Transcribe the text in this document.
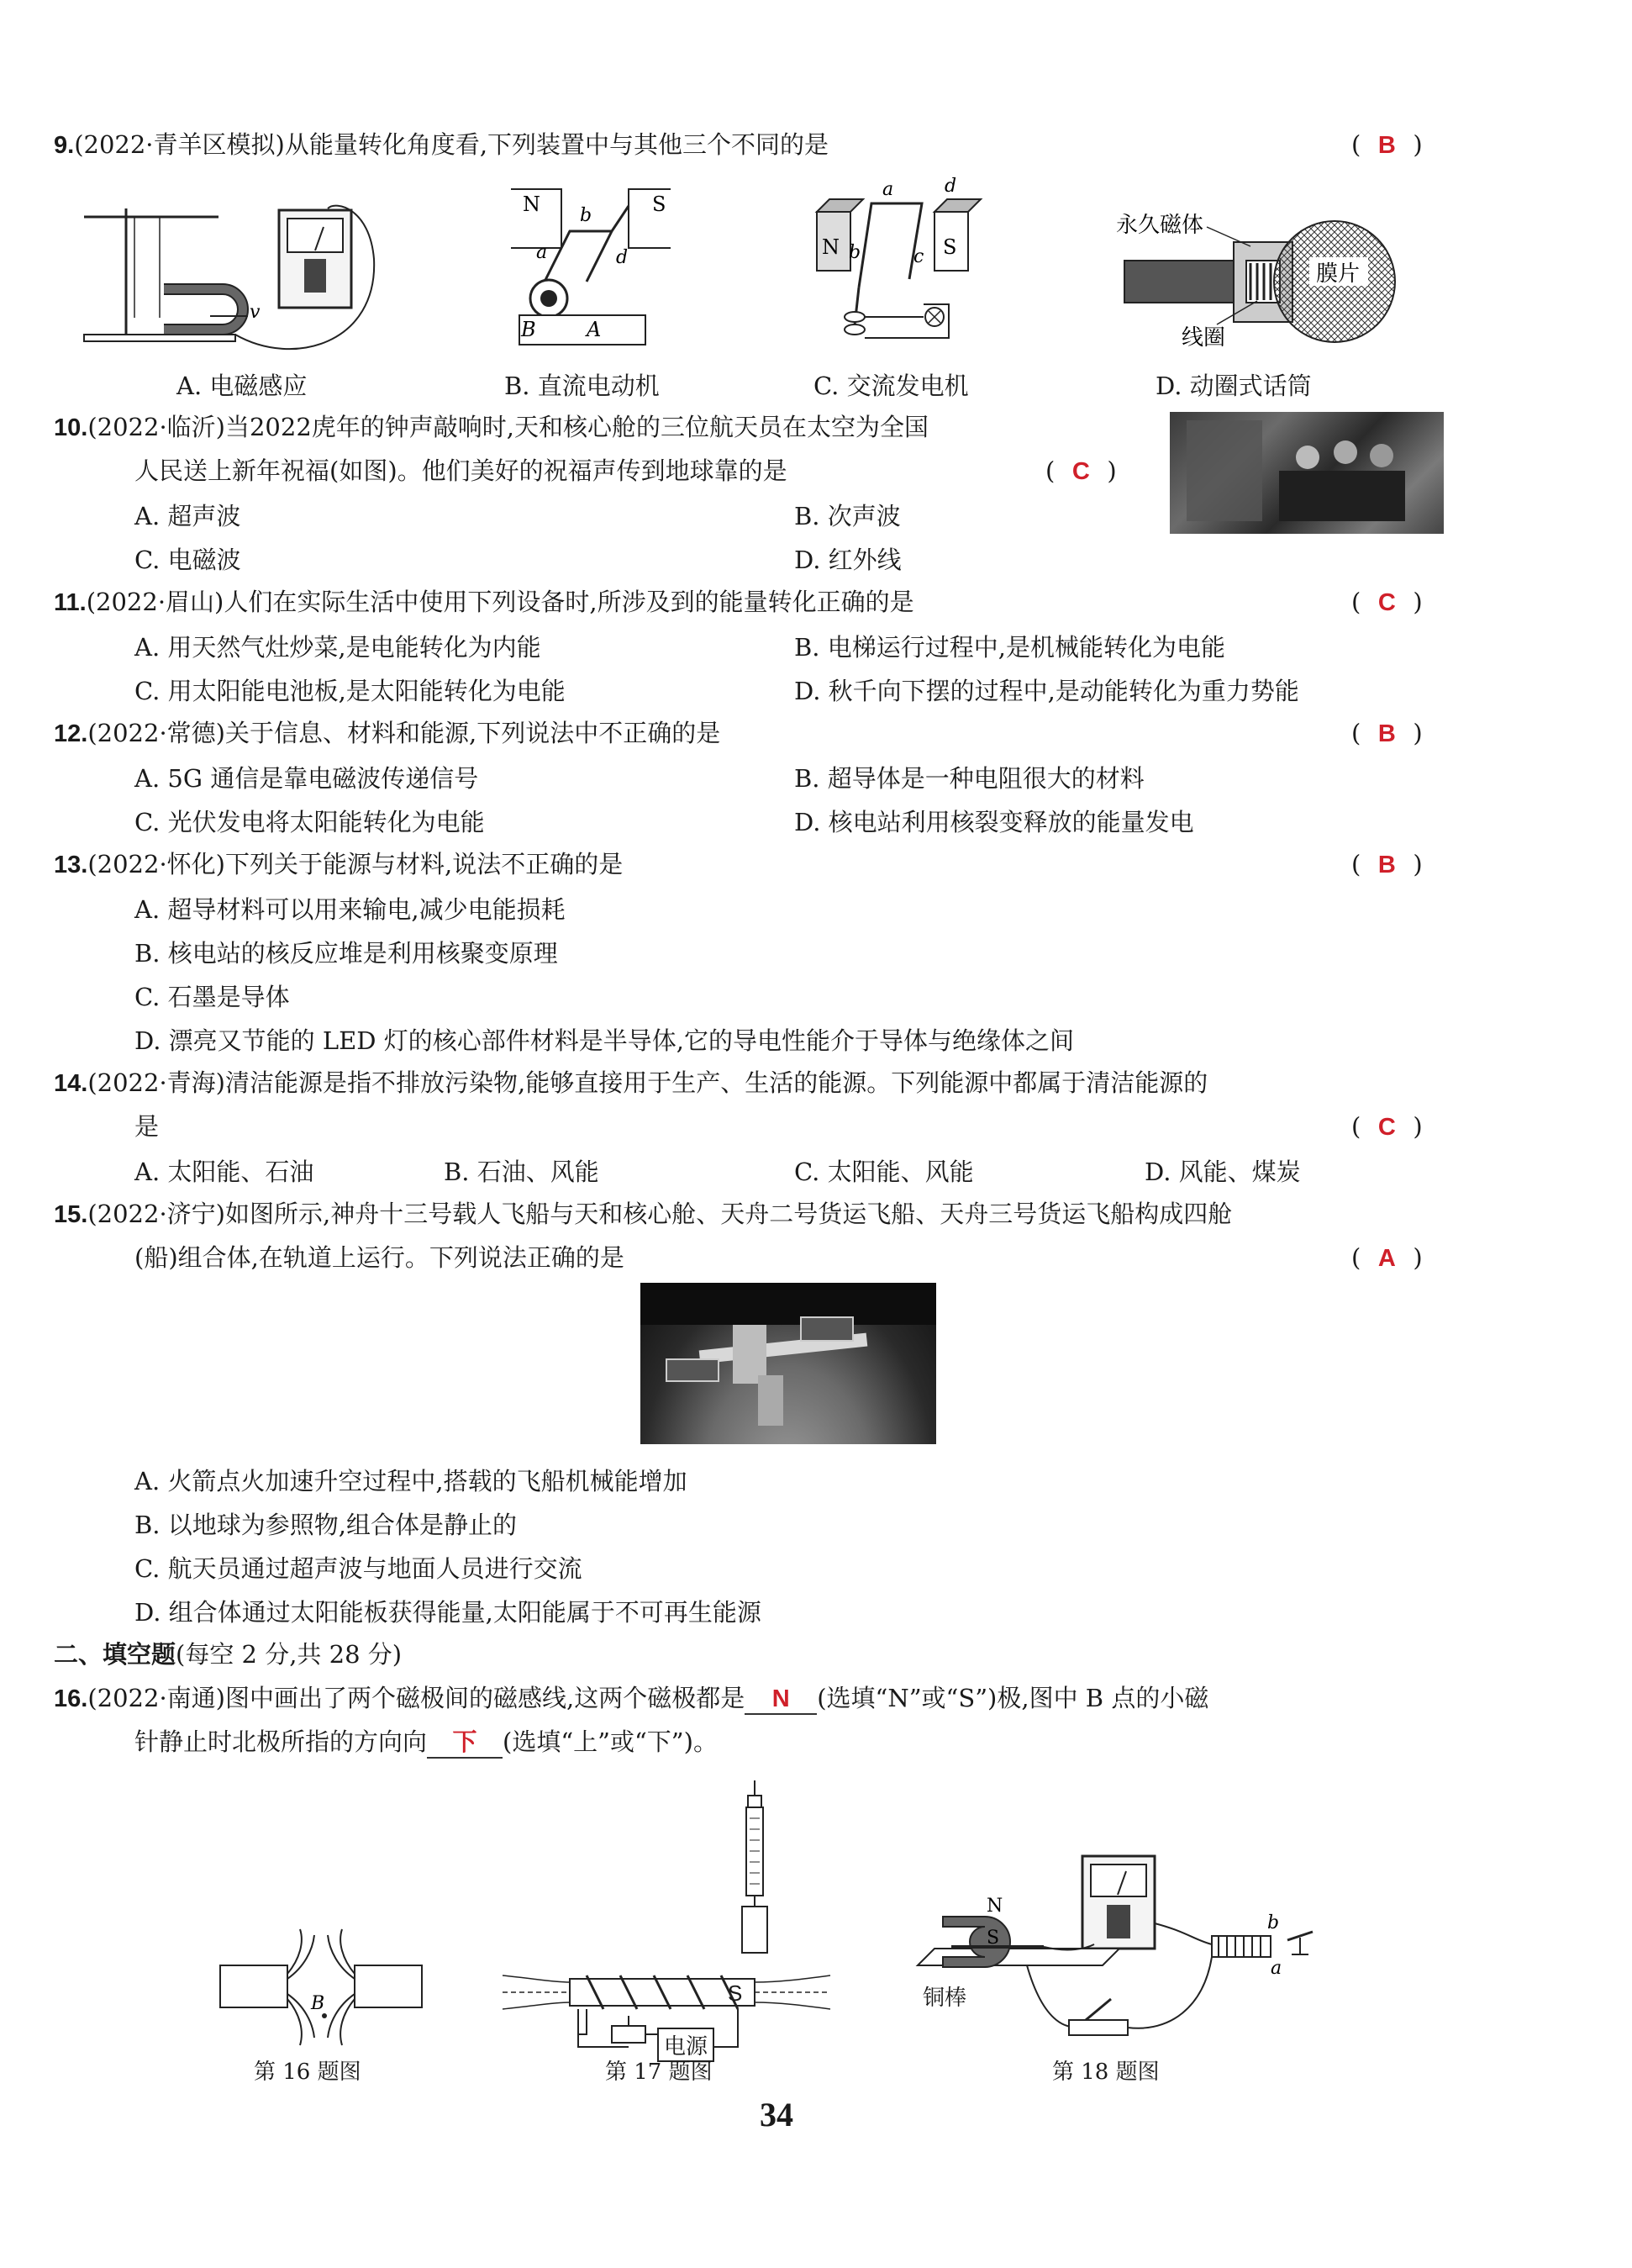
9.(2022·青羊区模拟)从能量转化角度看,下列装置中与其他三个不同的是	( B )
v
N	S
b
a	d
A
B
N	S
a	d
b	c
永久磁体
膜片
线圈
A. 电磁感应	B. 直流电动机	C. 交流发电机	D. 动圈式话筒
10.(2022·临沂)当2022虎年的钟声敲响时,天和核心舱的三位航天员在太空为全国
人民送上新年祝福(如图)。他们美好的祝福声传到地球靠的是	( C )
A. 超声波	B. 次声波
C. 电磁波	D. 红外线
11.(2022·眉山)人们在实际生活中使用下列设备时,所涉及到的能量转化正确的是	( C )
A. 用天然气灶炒菜,是电能转化为内能	B. 电梯运行过程中,是机械能转化为电能
C. 用太阳能电池板,是太阳能转化为电能	D. 秋千向下摆的过程中,是动能转化为重力势能
12.(2022·常德)关于信息、材料和能源,下列说法中不正确的是	( B )
A. 5G 通信是靠电磁波传递信号	B. 超导体是一种电阻很大的材料
C. 光伏发电将太阳能转化为电能	D. 核电站利用核裂变释放的能量发电
13.(2022·怀化)下列关于能源与材料,说法不正确的是	( B )
A. 超导材料可以用来输电,减少电能损耗
B. 核电站的核反应堆是利用核聚变原理
C. 石墨是导体
D. 漂亮又节能的 LED 灯的核心部件材料是半导体,它的导电性能介于导体与绝缘体之间
14.(2022·青海)清洁能源是指不排放污染物,能够直接用于生产、生活的能源。下列能源中都属于清洁能源的
是	( C )
A. 太阳能、石油	B. 石油、风能	C. 太阳能、风能	D. 风能、煤炭
15.(2022·济宁)如图所示,神舟十三号载人飞船与天和核心舱、天舟二号货运飞船、天舟三号货运飞船构成四舱
(船)组合体,在轨道上运行。下列说法正确的是	( A )
A. 火箭点火加速升空过程中,搭载的飞船机械能增加
B. 以地球为参照物,组合体是静止的
C. 航天员通过超声波与地面人员进行交流
D. 组合体通过太阳能板获得能量,太阳能属于不可再生能源
二、填空题(每空 2 分,共 28 分)
16.(2022·南通)图中画出了两个磁极间的磁感线,这两个磁极都是 N (选填“N”或“S”)极,图中 B 点的小磁
针静止时北极所指的方向向 下 (选填“上”或“下”)。
B
第 16 题图
电源
S
第 17 题图
S
N
a
b
铜棒
第 18 题图
34
